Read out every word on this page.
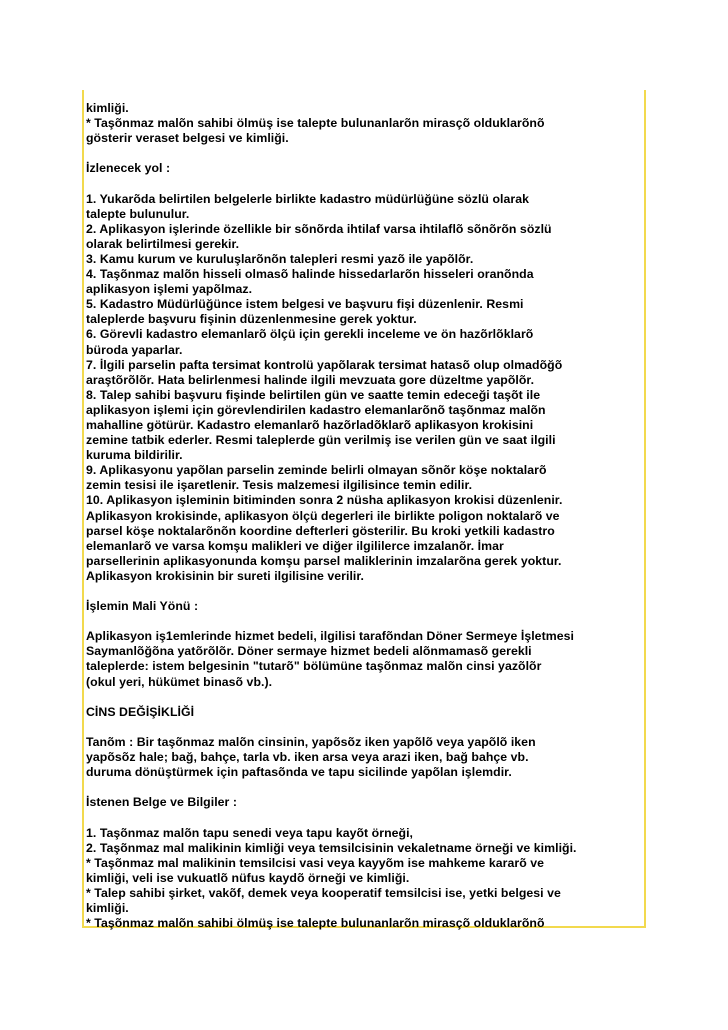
kimliği.
* Taşõnmaz malõn sahibi ölmüş ise talepte bulunanlarõn mirasçõ olduklarõnõ
gösterir veraset belgesi ve kimliği.
İzlenecek yol :
1. Yukarõda belirtilen belgelerle birlikte kadastro müdürlüğüne sözlü olarak
talepte bulunulur.
2. Aplikasyon işlerinde özellikle bir sõnõrda ihtilaf varsa ihtilaflõ sõnõrõn sözlü
olarak belirtilmesi gerekir.
3. Kamu kurum ve kuruluşlarõnõn talepleri resmi yazõ ile yapõlõr.
4. Taşõnmaz malõn hisseli olmasõ halinde hissedarlarõn hisseleri oranõnda
aplikasyon işlemi yapõlmaz.
5. Kadastro Müdürlüğünce istem belgesi ve başvuru fişi düzenlenir. Resmi
taleplerde başvuru fişinin düzenlenmesine gerek yoktur.
6. Görevli kadastro elemanlarõ ölçü için gerekli inceleme ve ön hazõrlõklarõ
büroda yaparlar.
7. İlgili parselin pafta tersimat kontrolü yapõlarak tersimat hatasõ olup olmadõğõ
araştõrõlõr. Hata belirlenmesi halinde ilgili mevzuata gore düzeltme yapõlõr.
8. Talep sahibi başvuru fişinde belirtilen gün ve saatte temin edeceği taşõt ile
aplikasyon işlemi için görevlendirilen kadastro elemanlarõnõ taşõnmaz malõn
mahalline götürür. Kadastro elemanlarõ hazõrladõklarõ aplikasyon krokisini
zemine tatbik ederler. Resmi taleplerde gün verilmiş ise verilen gün ve saat ilgili
kuruma bildirilir.
9. Aplikasyonu yapõlan parselin zeminde belirli olmayan sõnõr köşe noktalarõ
zemin tesisi ile işaretlenir. Tesis malzemesi ilgilisince temin edilir.
10. Aplikasyon işleminin bitiminden sonra 2 nüsha aplikasyon krokisi düzenlenir.
Aplikasyon krokisinde, aplikasyon ölçü degerleri ile birlikte poligon noktalarõ ve
parsel köşe noktalarõnõn koordine defterleri gösterilir. Bu kroki yetkili kadastro
elemanlarõ ve varsa komşu malikleri ve diğer ilgililerce imzalanõr. İmar
parsellerinin aplikasyonunda komşu parsel maliklerinin imzalarõna gerek yoktur.
Aplikasyon krokisinin bir sureti ilgilisine verilir.
İşlemin Mali Yönü :
Aplikasyon iş1emlerinde hizmet bedeli, ilgilisi tarafõndan Döner Sermeye İşletmesi
Saymanlõğõna yatõrõlõr. Döner sermaye hizmet bedeli alõnmamasõ gerekli
taleplerde: istem belgesinin "tutarõ" bölümüne taşõnmaz malõn cinsi yazõlõr
(okul yeri, hükümet binasõ vb.).
CİNS DEĞİŞİKLİĞİ
Tanõm : Bir taşõnmaz malõn cinsinin, yapõsõz iken yapõlõ veya yapõlõ iken
yapõsõz hale; bağ, bahçe, tarla vb. iken arsa veya arazi iken, bağ bahçe vb.
duruma dönüştürmek için paftasõnda ve tapu sicilinde yapõlan işlemdir.
İstenen Belge ve Bilgiler :
1. Taşõnmaz malõn tapu senedi veya tapu kayõt örneği,
2. Taşõnmaz mal malikinin kimliği veya temsilcisinin vekaletname örneği ve kimliği.
* Taşõnmaz mal malikinin temsilcisi vasi veya kayyõm ise mahkeme kararõ ve
kimliği, veli ise vukuatlõ nüfus kaydõ örneği ve kimliği.
* Talep sahibi şirket, vakõf, demek veya kooperatif temsilcisi ise, yetki belgesi ve
kimliği.
* Taşõnmaz malõn sahibi ölmüş ise talepte bulunanlarõn mirasçõ olduklarõnõ
